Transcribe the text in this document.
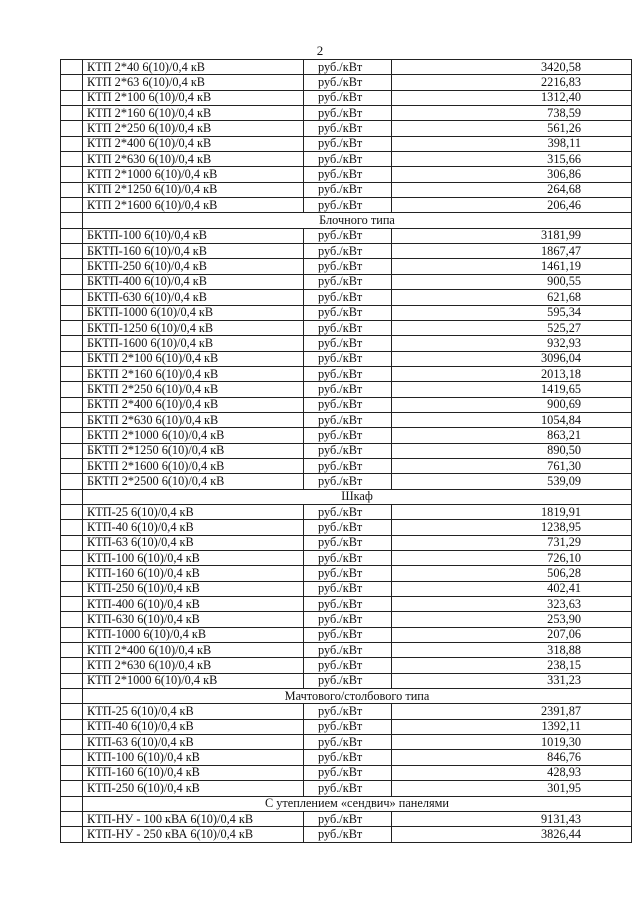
2
	КТП 2*40 6(10)/0,4 кВ	руб./кВт	3420,58
	КТП 2*63 6(10)/0,4 кВ	руб./кВт	2216,83
	КТП 2*100 6(10)/0,4 кВ	руб./кВт	1312,40
	КТП 2*160 6(10)/0,4 кВ	руб./кВт	738,59
	КТП 2*250 6(10)/0,4 кВ	руб./кВт	561,26
	КТП 2*400 6(10)/0,4 кВ	руб./кВт	398,11
	КТП 2*630 6(10)/0,4 кВ	руб./кВт	315,66
	КТП 2*1000 6(10)/0,4 кВ	руб./кВт	306,86
	КТП 2*1250 6(10)/0,4 кВ	руб./кВт	264,68
	КТП 2*1600 6(10)/0,4 кВ	руб./кВт	206,46
	Блочного типа		
	БКТП-100 6(10)/0,4 кВ	руб./кВт	3181,99
	БКТП-160 6(10)/0,4 кВ	руб./кВт	1867,47
	БКТП-250 6(10)/0,4 кВ	руб./кВт	1461,19
	БКТП-400 6(10)/0,4 кВ	руб./кВт	900,55
	БКТП-630 6(10)/0,4 кВ	руб./кВт	621,68
	БКТП-1000 6(10)/0,4 кВ	руб./кВт	595,34
	БКТП-1250 6(10)/0,4 кВ	руб./кВт	525,27
	БКТП-1600 6(10)/0,4 кВ	руб./кВт	932,93
	БКТП 2*100 6(10)/0,4 кВ	руб./кВт	3096,04
	БКТП 2*160 6(10)/0,4 кВ	руб./кВт	2013,18
	БКТП 2*250 6(10)/0,4 кВ	руб./кВт	1419,65
	БКТП 2*400 6(10)/0,4 кВ	руб./кВт	900,69
	БКТП 2*630 6(10)/0,4 кВ	руб./кВт	1054,84
	БКТП 2*1000 6(10)/0,4 кВ	руб./кВт	863,21
	БКТП 2*1250 6(10)/0,4 кВ	руб./кВт	890,50
	БКТП 2*1600 6(10)/0,4 кВ	руб./кВт	761,30
	БКТП 2*2500 6(10)/0,4 кВ	руб./кВт	539,09
	Шкаф		
	КТП-25 6(10)/0,4 кВ	руб./кВт	1819,91
	КТП-40 6(10)/0,4 кВ	руб./кВт	1238,95
	КТП-63 6(10)/0,4 кВ	руб./кВт	731,29
	КТП-100 6(10)/0,4 кВ	руб./кВт	726,10
	КТП-160 6(10)/0,4 кВ	руб./кВт	506,28
	КТП-250 6(10)/0,4 кВ	руб./кВт	402,41
	КТП-400 6(10)/0,4 кВ	руб./кВт	323,63
	КТП-630 6(10)/0,4 кВ	руб./кВт	253,90
	КТП-1000 6(10)/0,4 кВ	руб./кВт	207,06
	КТП 2*400 6(10)/0,4 кВ	руб./кВт	318,88
	КТП 2*630 6(10)/0,4 кВ	руб./кВт	238,15
	КТП 2*1000 6(10)/0,4 кВ	руб./кВт	331,23
	Мачтового/столбового типа		
	КТП-25 6(10)/0,4 кВ	руб./кВт	2391,87
	КТП-40 6(10)/0,4 кВ	руб./кВт	1392,11
	КТП-63 6(10)/0,4 кВ	руб./кВт	1019,30
	КТП-100 6(10)/0,4 кВ	руб./кВт	846,76
	КТП-160 6(10)/0,4 кВ	руб./кВт	428,93
	КТП-250 6(10)/0,4 кВ	руб./кВт	301,95
	С утеплением «сендвич» панелями		
	КТП-НУ - 100 кВА 6(10)/0,4 кВ	руб./кВт	9131,43
	КТП-НУ - 250 кВА 6(10)/0,4 кВ	руб./кВт	3826,44
